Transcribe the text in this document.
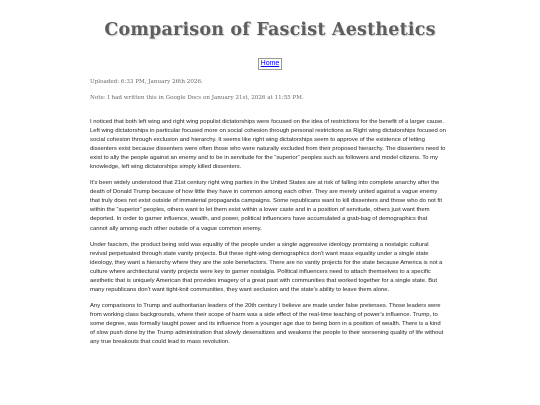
Comparison of Fascist Aesthetics
Home
Uploaded: 6:33 PM, January 26th 2026.
Note: I had written this in Google Docs on January 21st, 2026 at 11:55 PM.

I noticed that both left wing and right wing populist dictatorships were focused on the idea of restrictions for the benefit of a larger cause. Left wing dictatorships in particular focused more on social cohesion through personal restrictions as Right wing dictatorships focused on social cohesion through exclusion and hierarchy. It seems like right wing dictatorships seem to approve of the existence of letting dissenters exist because dissenters were often those who were naturally excluded from their proposed hierarchy. The dissenters need to exist to ally the people against an enemy and to be in servitude for the “superior” peoples such as followers and model citizens. To my knowledge, left wing dictatorships simply killed dissenters.

It’s been widely understood that 21st century right wing parties in the United States are at risk of falling into complete anarchy after the death of Donald Trump because of how little they have in common among each other. They are merely united against a vague enemy that truly does not exist outside of immaterial propaganda campaigns. Some republicans want to kill dissenters and those who do not fit within the “superior” peoples, others want to let them exist within a lower caste and in a position of servitude, others just want them deported. In order to garner influence, wealth, and power, political influencers have accumulated a grab-bag of demographics that cannot ally among each other outside of a vague common enemy.

Under fascism, the product being sold was equality of the people under a single aggressive ideology promising a nostalgic cultural revival perpetuated through state vanity projects. But these right-wing demographics don’t want mass equality under a single state ideology, they want a hierarchy where they are the sole benefactors. There are no vanity projects for the state because America is not a culture where architectural vanity projects were key to garner nostalgia. Political influencers need to attach themselves to a specific aesthetic that is uniquely American that provides imagery of a great past with communities that worked together for a single state. But many republicans don’t want tight-knit communities, they want seclusion and the state’s ability to leave them alone.

Any comparisons to Trump and authoritarian leaders of the 20th century I believe are made under false pretenses. Those leaders were from working class backgrounds, where their scope of harm was a side effect of the real-time teaching of power’s influence. Trump, to some degree, was formally taught power and its influence from a younger age due to being born in a position of wealth. There is a kind of slow push done by the Trump administration that slowly desensitizes and weakens the people to their worsening quality of life without any true breakouts that could lead to mass revolution.
